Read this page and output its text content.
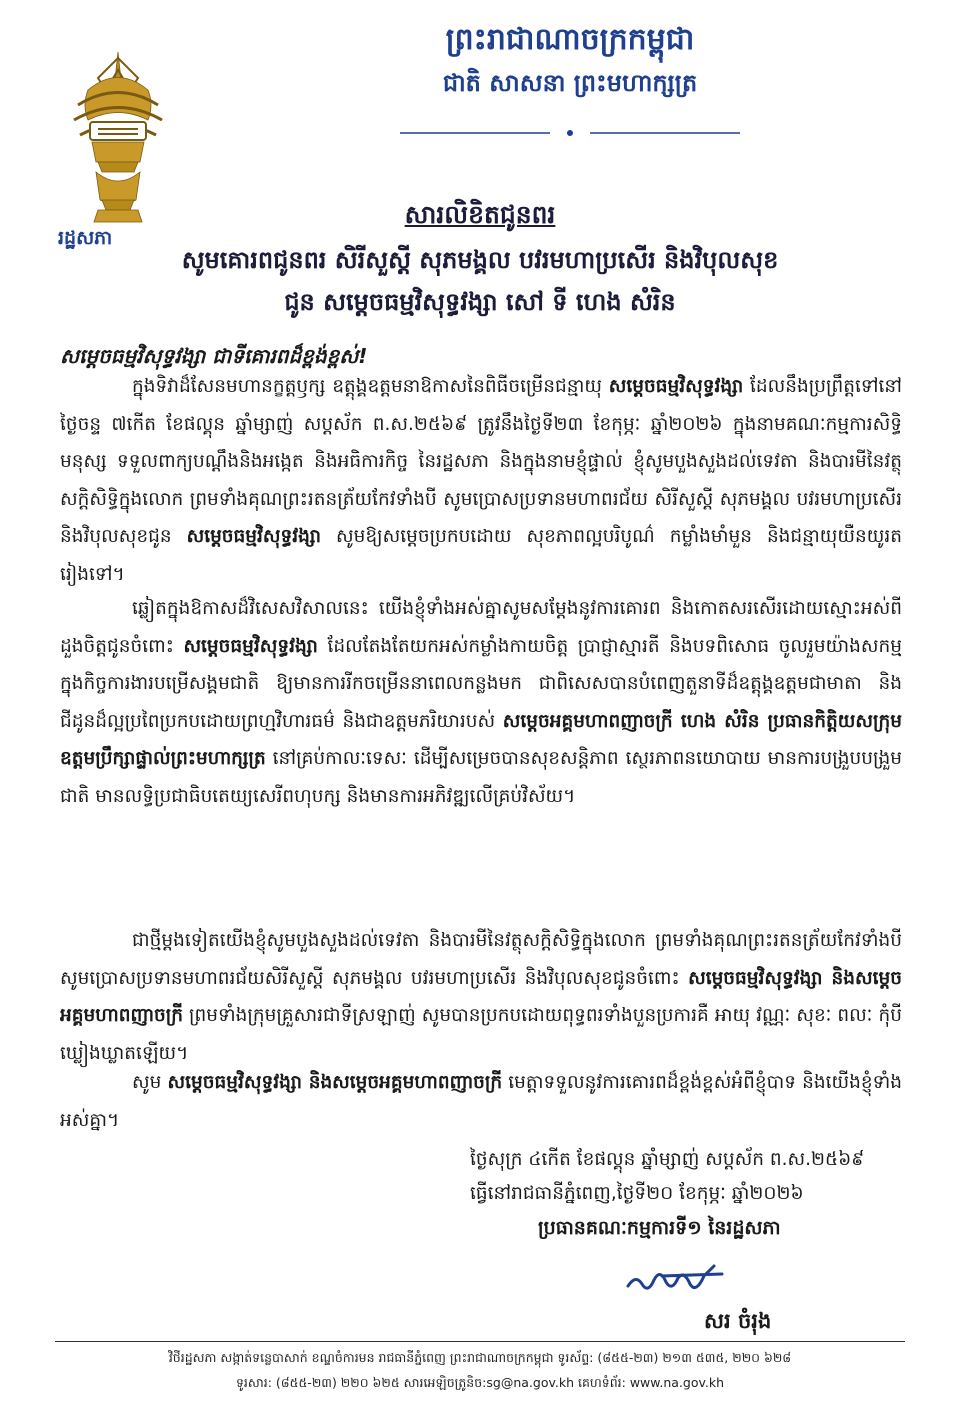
រដ្ឋសភា
ព្រះរាជាណាចក្រកម្ពុជា
ជាតិ សាសនា ព្រះមហាក្សត្រ
សារលិខិតជូនពរ
សូមគោរពជូនពរ សិរីសួស្តី សុភមង្គល បវរមហាប្រសើរ និងវិបុលសុខ
ជូន សម្តេចធម្មវិសុទ្ធវង្សា សៅ ទី ហេង សំរិន
សម្តេចធម្មវិសុទ្ធវង្សា ជាទីគោរពដ៏ខ្ពង់ខ្ពស់!
ក្នុងទិវាដ៏សែនមហានក្ខត្តឫក្ស ឧត្តុង្គឧត្តមនាឱកាសនៃពិធីចម្រើនជន្មាយុ សម្តេចធម្មវិសុទ្ធវង្សា ដែលនឹងប្រព្រឹត្តទៅនៅថ្ងៃចន្ទ ៧កើត ខែផល្គុន ឆ្នាំម្សាញ់ សប្តស័ក ព.ស.២៥៦៩ ត្រូវនឹងថ្ងៃទី២៣ ខែកុម្ភៈ ឆ្នាំ២០២៦ ក្នុងនាមគណៈកម្មការសិទ្ធិមនុស្ស ទទួលពាក្យបណ្តឹងនិងអង្កេត និងអធិការកិច្ច នៃរដ្ឋសភា និងក្នុងនាមខ្ញុំផ្ទាល់ ខ្ញុំសូមបួងសួងដល់ទេវតា និងបារមីនៃវត្ថុសក្តិសិទ្ធិក្នុងលោក ព្រមទាំងគុណព្រះរតនត្រ័យកែវទាំងបី សូមប្រោសប្រទានមហាពរជ័យ សិរីសួស្តី សុភមង្គល បវរមហាប្រសើរ និងវិបុលសុខជូន សម្តេចធម្មវិសុទ្ធវង្សា សូមឱ្យសម្តេចប្រកបដោយ សុខភាពល្អបរិបូណ៌ កម្លាំងមាំមួន និងជន្មាយុយឺនយូរតរៀងទៅ។
ឆ្លៀតក្នុងឱកាសដ៏វិសេសវិសាលនេះ យើងខ្ញុំទាំងអស់គ្នាសូមសម្តែងនូវការគោរព និងកោតសរសើរដោយស្មោះអស់ពីដួងចិត្តជូនចំពោះ សម្តេចធម្មវិសុទ្ធវង្សា ដែលតែងតែយកអស់កម្លាំងកាយចិត្ត ប្រាជ្ញាស្មារតី និងបទពិសោធ ចូលរួមយ៉ាងសកម្មក្នុងកិច្ចការងារបម្រើសង្គមជាតិ ឱ្យមានការរីកចម្រើននាពេលកន្លងមក ជាពិសេសបានបំពេញតួនាទីដ៏ឧត្តុង្គឧត្តមជាមាតា និងជីដូនដ៏ល្អប្រពៃប្រកបដោយព្រហ្មវិហារធម៌ និងជាឧត្តមភរិយារបស់ សម្តេចអគ្គមហាពញាចក្រី ហេង សំរិន ប្រធានកិត្តិយសក្រុមឧត្តមប្រឹក្សាផ្ទាល់ព្រះមហាក្សត្រ នៅគ្រប់កាលៈទេសៈ ដើម្បីសម្រេចបានសុខសន្តិភាព ស្ថេរភាពនយោបាយ មានការបង្រួបបង្រួមជាតិ មានលទ្ធិប្រជាធិបតេយ្យសេរីពហុបក្ស និងមានការអភិវឌ្ឍលើគ្រប់វិស័យ។
ជាថ្មីម្តងទៀតយើងខ្ញុំសូមបួងសួងដល់ទេវតា និងបារមីនៃវត្ថុសក្តិសិទ្ធិក្នុងលោក ព្រមទាំងគុណព្រះរតនត្រ័យកែវទាំងបី សូមប្រោសប្រទានមហាពរជ័យសិរីសួស្តី សុភមង្គល បវរមហាប្រសើរ និងវិបុលសុខជូនចំពោះ សម្តេចធម្មវិសុទ្ធវង្សា និងសម្តេចអគ្គមហាពញាចក្រី ព្រមទាំងក្រុមគ្រួសារជាទីស្រឡាញ់ សូមបានប្រកបដោយពុទ្ធពរទាំងបួនប្រការគឺ អាយុ វណ្ណៈ សុខៈ ពលៈ កុំបីឃ្លៀងឃ្លាតឡើយ។
សូម សម្តេចធម្មវិសុទ្ធវង្សា និងសម្តេចអគ្គមហាពញាចក្រី មេត្តាទទួលនូវការគោរពដ៏ខ្ពង់ខ្ពស់អំពីខ្ញុំបាទ និងយើងខ្ញុំទាំងអស់គ្នា។
ថ្ងៃសុក្រ ៤កើត ខែផល្គុន ឆ្នាំម្សាញ់ សប្តស័ក ព.ស.២៥៦៩
ធ្វើនៅរាជធានីភ្នំពេញ,ថ្ងៃទី២០ ខែកុម្ភៈ ឆ្នាំ២០២៦
ប្រធានគណៈកម្មការទី១ នៃរដ្ឋសភា
សរ ចំរុង
វិថីរដ្ឋសភា សង្កាត់ទន្លេបាសាក់ ខណ្ឌចំការមន រាជធានីភ្នំពេញ ព្រះរាជាណាចក្រកម្ពុជា ទូរស័ព្ទ: (៨៥៥-២៣) ២១៣ ៥៣៥, ២២០ ៦២៨
ទូរសារ: (៨៥៥-២៣) ២២០ ៦២៥ សារអេឡិចត្រូនិច:sg@na.gov.kh គេហទំព័រ: www.na.gov.kh
